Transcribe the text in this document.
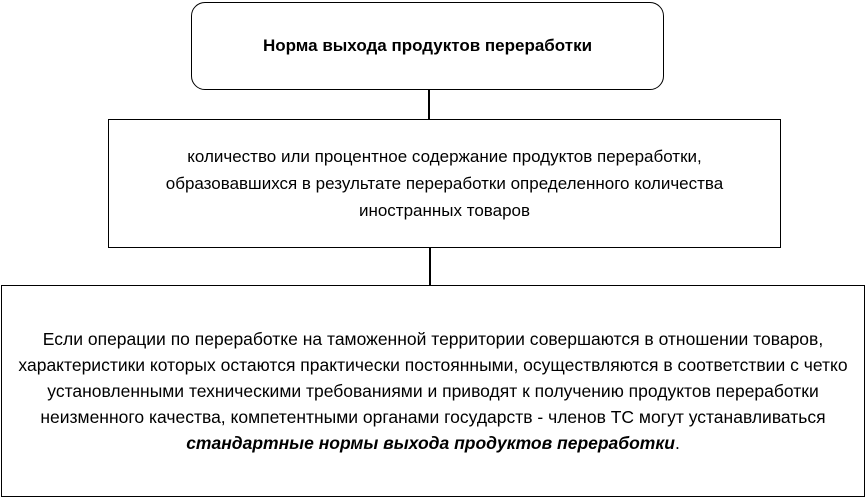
Норма выхода продуктов переработки
количество или процентное содержание продуктов переработки, образовавшихся в результате переработки определенного количества иностранных товаров

Если операции по переработке на таможенной территории совершаются в отношении товаров, характеристики которых остаются практически постоянными, осуществляются в соответствии с четко установленными техническими требованиями и приводят к получению продуктов переработки неизменного качества, компетентными органами государств - членов ТС могут устанавливаться стандартные нормы выхода продуктов переработки.
